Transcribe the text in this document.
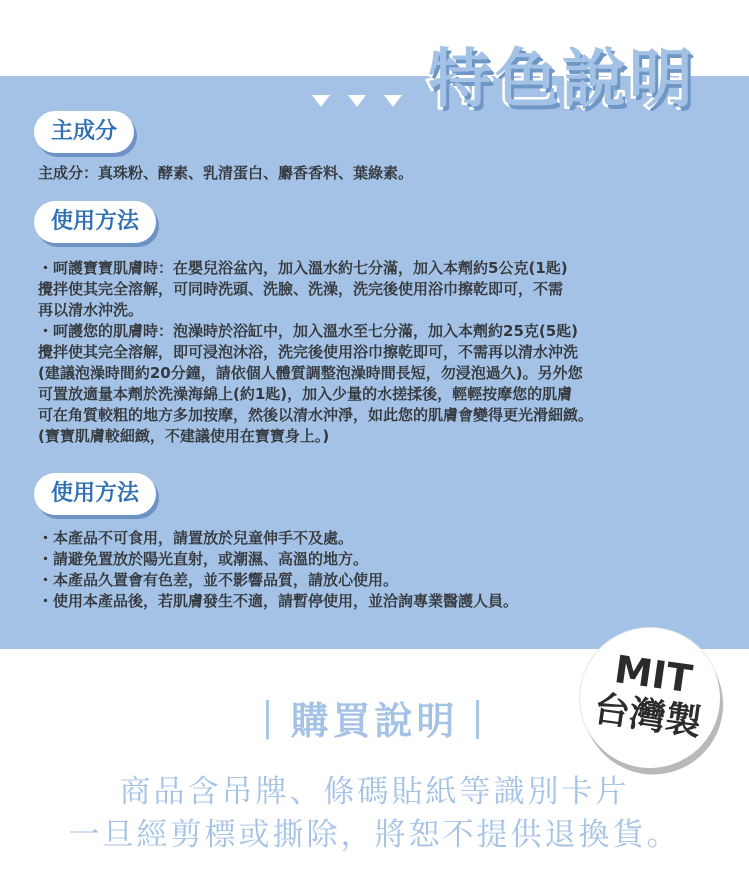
特色說明
主成分

主成分：真珠粉、酵素、乳清蛋白、麝香香料、葉綠素。

使用方法

・呵護寶寶肌膚時：在嬰兒浴盆內，加入溫水約七分滿，加入本劑約5公克(1匙)

攪拌使其完全溶解，可同時洗頭、洗臉、洗澡，洗完後使用浴巾擦乾即可，不需

再以清水沖洗。

・呵護您的肌膚時：泡澡時於浴缸中，加入溫水至七分滿，加入本劑約25克(5匙)

攪拌使其完全溶解，即可浸泡沐浴，洗完後使用浴巾擦乾即可，不需再以清水沖洗

(建議泡澡時間約20分鐘，請依個人體質調整泡澡時間長短，勿浸泡過久)。另外您

可置放適量本劑於洗澡海綿上(約1匙)，加入少量的水搓揉後，輕輕按摩您的肌膚

可在角質較粗的地方多加按摩，然後以清水沖淨，如此您的肌膚會變得更光滑細緻。

(寶寶肌膚較細緻，不建議使用在寶寶身上。)

使用方法

・本產品不可食用，請置放於兒童伸手不及處。

・請避免置放於陽光直射，或潮濕、高溫的地方。

・本產品久置會有色差，並不影響品質，請放心使用。

・使用本產品後，若肌膚發生不適，請暫停使用，並洽詢專業醫護人員。

MIT
台灣製
｜購買說明｜
商品含吊牌、條碼貼紙等識別卡片
一旦經剪標或撕除，將恕不提供退換貨。
